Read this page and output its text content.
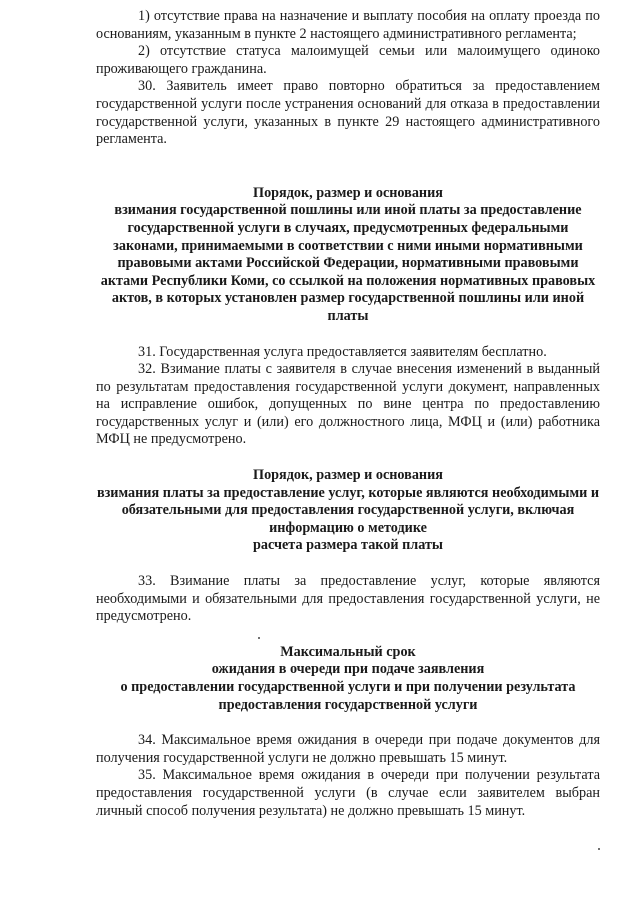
1) отсутствие права на назначение и выплату пособия на оплату проезда по основаниям, указанным в пункте 2 настоящего административного регламента;

2) отсутствие статуса малоимущей семьи или малоимущего одиноко проживающего гражданина.

30. Заявитель имеет право повторно обратиться за предоставлением государственной услуги после устранения оснований для отказа в предоставлении государственной услуги, указанных в пункте 29 настоящего административного регламента.

Порядок, размер и основания

взимания государственной пошлины или иной платы за предоставление государственной услуги в случаях, предусмотренных федеральными законами, принимаемыми в соответствии с ними иными нормативными правовыми актами Российской Федерации, нормативными правовыми актами Республики Коми, со ссылкой на положения нормативных правовых актов, в которых установлен размер государственной пошлины или иной платы

31. Государственная услуга предоставляется заявителям бесплатно.

32. Взимание платы с заявителя в случае внесения изменений в выданный по результатам предоставления государственной услуги документ, направленных на исправление ошибок, допущенных по вине центра по предоставлению государственных услуг и (или) его должностного лица, МФЦ и (или) работника МФЦ не предусмотрено.

Порядок, размер и основания

взимания платы за предоставление услуг, которые являются необходимыми и обязательными для предоставления государственной услуги, включая информацию о методике

расчета размера такой платы

33. Взимание платы за предоставление услуг, которые являются необходимыми и обязательными для предоставления государственной услуги, не предусмотрено.

Максимальный срок

ожидания в очереди при подаче заявления

о предоставлении государственной услуги и при получении результата предоставления государственной услуги

34. Максимальное время ожидания в очереди при подаче документов для получения государственной услуги не должно превышать 15 минут.

35. Максимальное время ожидания в очереди при получении результата предоставления государственной услуги (в случае если заявителем выбран личный способ получения результата) не должно превышать 15 минут.
